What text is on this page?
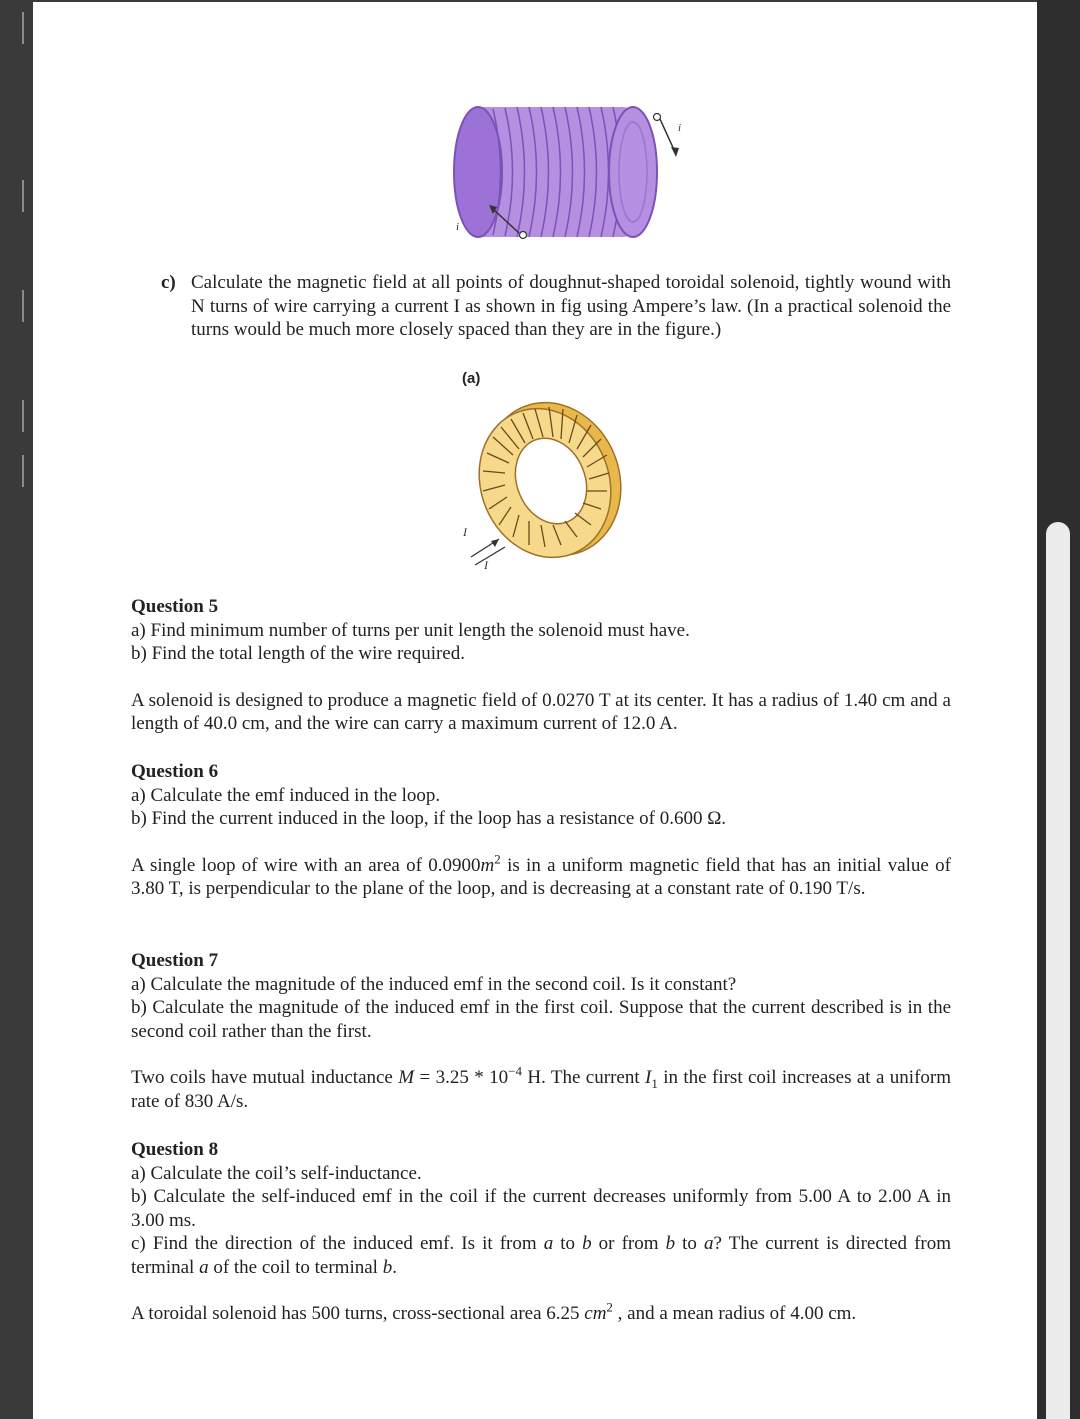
i
i
c) Calculate the magnetic field at all points of doughnut-shaped toroidal solenoid, tightly wound with N turns of wire carrying a current I as shown in fig using Ampere’s law. (In a practical solenoid the turns would be much more closely spaced than they are in the figure.)

(a)
I
I
Question 5
a) Find minimum number of turns per unit length the solenoid must have.
b) Find the total length of the wire required.
A solenoid is designed to produce a magnetic field of 0.0270 T at its center. It has a radius of 1.40 cm and a length of 40.0 cm, and the wire can carry a maximum current of 12.0 A.
Question 6
a) Calculate the emf induced in the loop.
b) Find the current induced in the loop, if the loop has a resistance of 0.600 Ω.
A single loop of wire with an area of $0.0900m^2$ is in a uniform magnetic field that has an initial value of 3.80 T, is perpendicular to the plane of the loop, and is decreasing at a constant rate of 0.190 T/s.
Question 7
a) Calculate the magnitude of the induced emf in the second coil. Is it constant?
b) Calculate the magnitude of the induced emf in the first coil. Suppose that the current described is in the second coil rather than the first.
Two coils have mutual inductance $M = 3.25 * 10^{-4}$ H. The current $I_1$ in the first coil increases at a uniform rate of 830 A/s.
Question 8
a) Calculate the coil’s self-inductance.
b) Calculate the self-induced emf in the coil if the current decreases uniformly from 5.00 A to 2.00 A in 3.00 ms.
c) Find the direction of the induced emf. Is it from a to b or from b to a? The current is directed from terminal a of the coil to terminal b.
A toroidal solenoid has 500 turns, cross-sectional area 6.25 $cm^2$ , and a mean radius of 4.00 cm.
